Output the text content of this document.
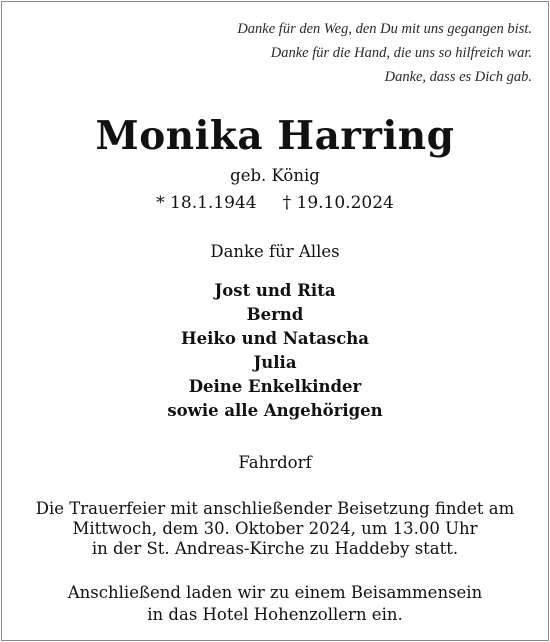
Danke für den Weg, den Du mit uns gegangen bist.
Danke für die Hand, die uns so hilfreich war.
Danke, dass es Dich gab.
Monika Harring
geb. König
* 18.1.1944 † 19.10.2024
Danke für Alles
Jost und Rita
Bernd
Heiko und Natascha
Julia
Deine Enkelkinder
sowie alle Angehörigen
Fahrdorf
Die Trauerfeier mit anschließender Beisetzung findet am
Mittwoch, dem 30. Oktober 2024, um 13.00 Uhr
in der St. Andreas-Kirche zu Haddeby statt.
Anschließend laden wir zu einem Beisammensein
in das Hotel Hohenzollern ein.
